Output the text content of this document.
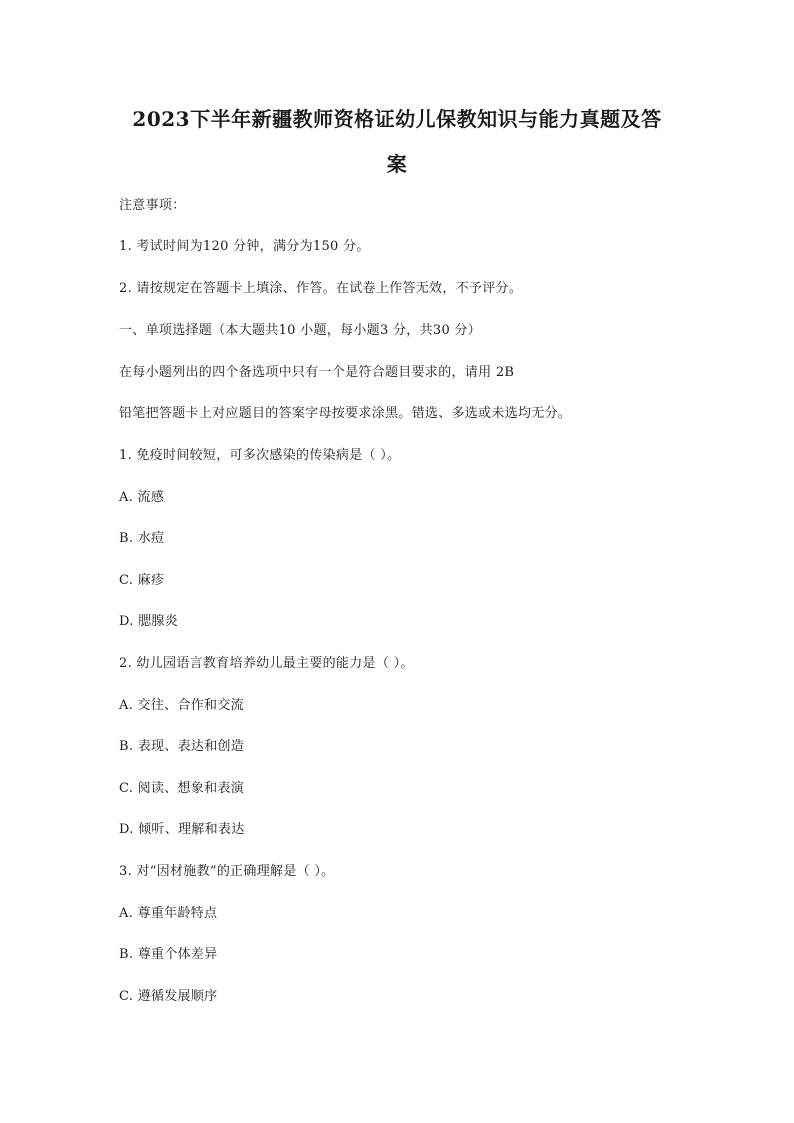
2023下半年新疆教师资格证幼儿保教知识与能力真题及答
案
注意事项：
1. 考试时间为120 分钟，满分为150 分。
2. 请按规定在答题卡上填涂、作答。在试卷上作答无效，不予评分。
一、单项选择题（本大题共10 小题，每小题3 分，共30 分）
在每小题列出的四个备选项中只有一个是符合题目要求的，请用 2B
铅笔把答题卡上对应题目的答案字母按要求涂黑。错选、多选或未选均无分。
1. 免疫时间较短，可多次感染的传染病是（ ）。
A. 流感
B. 水痘
C. 麻疹
D. 腮腺炎
2. 幼儿园语言教育培养幼儿最主要的能力是（ ）。
A. 交往、合作和交流
B. 表现、表达和创造
C. 阅读、想象和表演
D. 倾听、理解和表达
3. 对“因材施教”的正确理解是（ ）。
A. 尊重年龄特点
B. 尊重个体差异
C. 遵循发展顺序
